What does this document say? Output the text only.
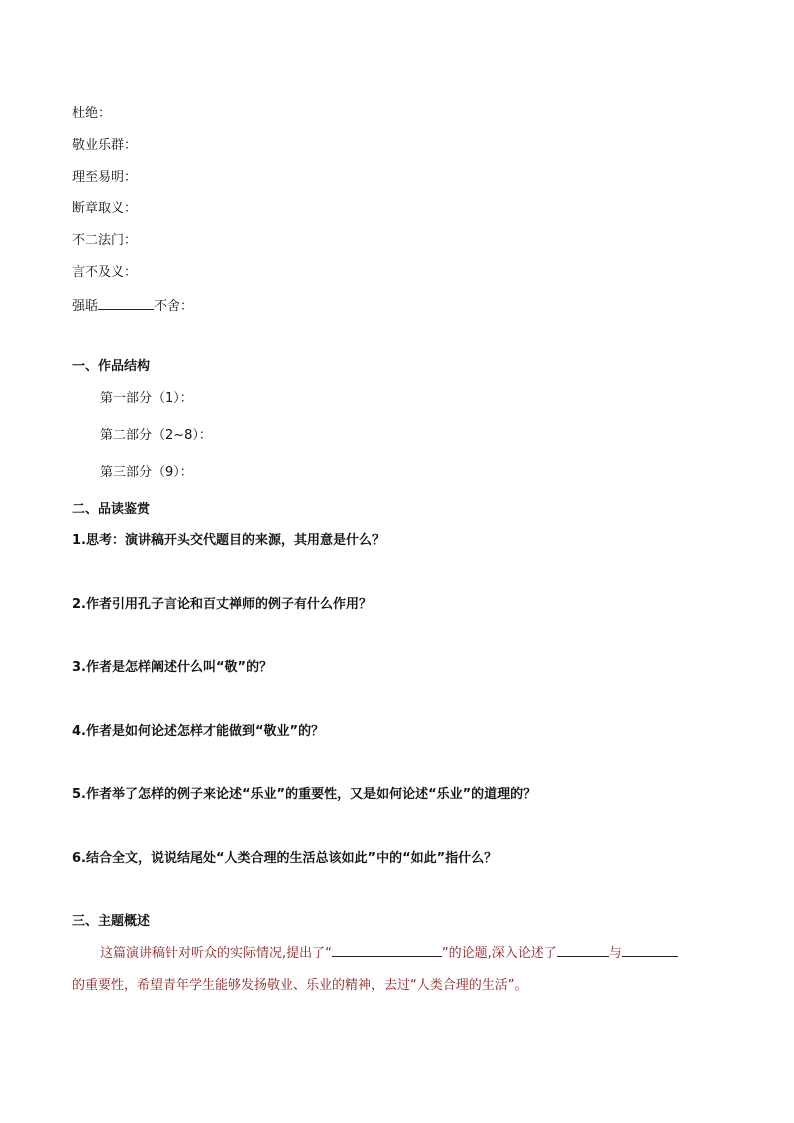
杜绝：
敬业乐群：
理至易明：
断章取义：
不二法门：
言不及义：
强聒	不舍：
一、作品结构
第一部分（1）：
第二部分（2~8）：
第三部分（9）：
二、品读鉴赏
1.思考：演讲稿开头交代题目的来源，其用意是什么？
2.作者引用孔子言论和百丈禅师的例子有什么作用？
3.作者是怎样阐述什么叫“敬”的？
4.作者是如何论述怎样才能做到“敬业”的？
5.作者举了怎样的例子来论述“乐业”的重要性，又是如何论述“乐业”的道理的？
6.结合全文，说说结尾处“人类合理的生活总该如此”中的“如此”指什么？
三、主题概述
这篇演讲稿针对听众的实际情况,提出了“	”的论题,深入论述了	与
的重要性，希望青年学生能够发扬敬业、乐业的精神，去过“人类合理的生活”。
